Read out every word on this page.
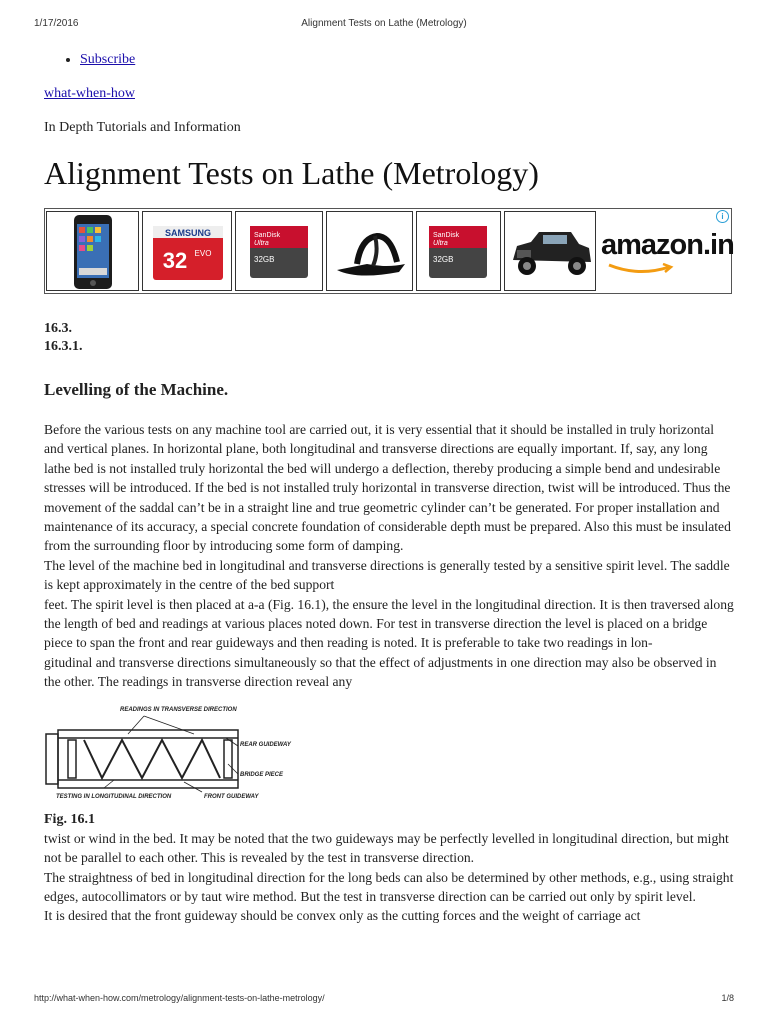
1/17/2016	Alignment Tests on Lathe (Metrology)
• Subscribe
what-when-how
In Depth Tutorials and Information
Alignment Tests on Lathe (Metrology)
SAMSUNG
32 EVO
SanDisk
Ultra
32GB
SanDisk
Ultra
32GB	amazon.in
i
16.3.
16.3.1.
Levelling of the Machine.

Before the various tests on any machine tool are carried out, it is very essential that it should be installed in truly horizontal and vertical planes. In horizontal plane, both longitudinal and transverse directions are equally important. If, say, any long lathe bed is not installed truly horizontal the bed will undergo a deflection, thereby producing a simple bend and undesirable stresses will be introduced. If the bed is not installed truly horizontal in transverse direction, twist will be introduced. Thus the movement of the saddal can’t be in a straight line and true geometric cylinder can’t be generated. For proper installation and maintenance of its accuracy, a special concrete foundation of considerable depth must be prepared. Also this must be insulated from the surrounding floor by introducing some form of damping.

The level of the machine bed in longitudinal and transverse directions is generally tested by a sensitive spirit level. The saddle is kept approximately in the centre of the bed support

feet. The spirit level is then placed at a-a (Fig. 16.1), the ensure the level in the longitudinal direction. It is then traversed along the length of bed and readings at various places noted down. For test in transverse direction the level is placed on a bridge piece to span the front and rear guideways and then reading is noted. It is preferable to take two readings in lon-

gitudinal and transverse directions simultaneously so that the effect of adjustments in one direction may also be observed in the other. The readings in transverse direction reveal any

READINGS IN TRANSVERSE DIRECTION
REAR GUIDEWAY
BRIDGE PIECE
TESTING IN LONGITUDINAL DIRECTION	FRONT GUIDEWAY
Fig. 16.1

twist or wind in the bed. It may be noted that the two guideways may be perfectly levelled in longitudinal direction, but might not be parallel to each other. This is revealed by the test in transverse direction.

The straightness of bed in longitudinal direction for the long beds can also be determined by other methods, e.g., using straight edges, autocollimators or by taut wire method. But the test in transverse direction can be carried out only by spirit level.

It is desired that the front guideway should be convex only as the cutting forces and the weight of carriage act

http://what-when-how.com/metrology/alignment-tests-on-lathe-metrology/	1/8
